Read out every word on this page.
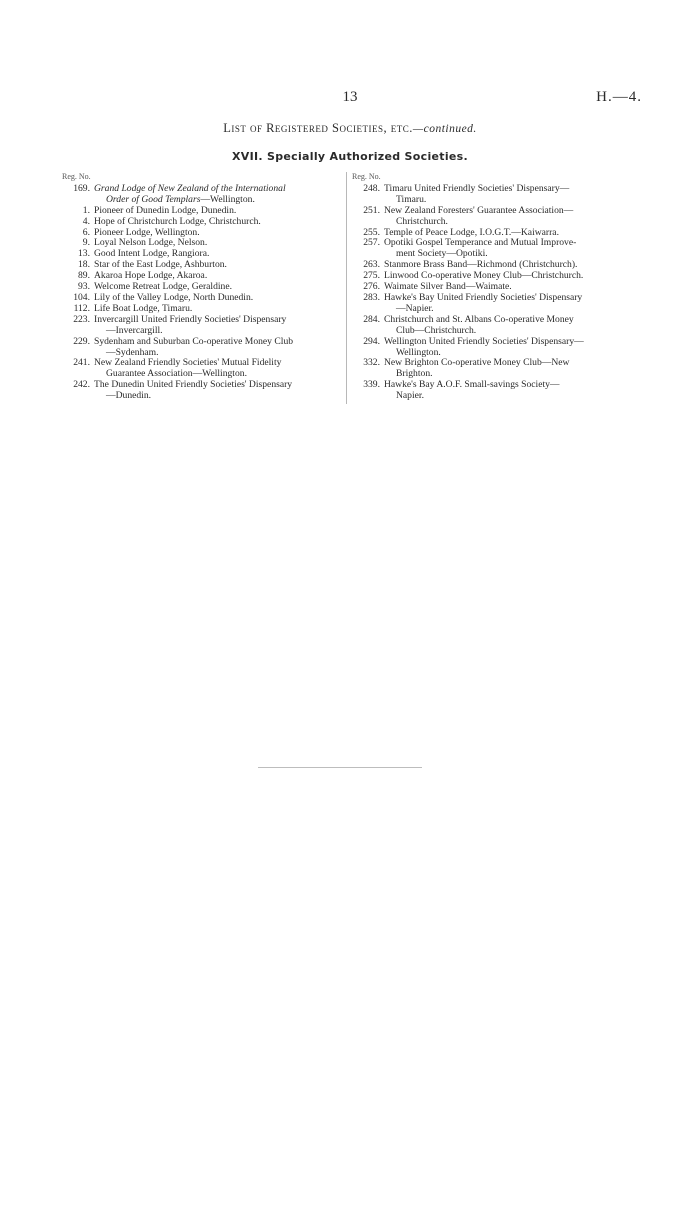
13	H.—4.
List of Registered Societies, etc.—continued.
XVII. Specially Authorized Societies.
Reg. No.
169. Grand Lodge of New Zealand of the International
Order of Good Templars—Wellington.
1. Pioneer of Dunedin Lodge, Dunedin.
4. Hope of Christchurch Lodge, Christchurch.
6. Pioneer Lodge, Wellington.
9. Loyal Nelson Lodge, Nelson.
13. Good Intent Lodge, Rangiora.
18. Star of the East Lodge, Ashburton.
89. Akaroa Hope Lodge, Akaroa.
93. Welcome Retreat Lodge, Geraldine.
104. Lily of the Valley Lodge, North Dunedin.
112. Life Boat Lodge, Timaru.
223. Invercargill United Friendly Societies' Dispensary
—Invercargill.
229. Sydenham and Suburban Co-operative Money Club
—Sydenham.
241. New Zealand Friendly Societies' Mutual Fidelity
Guarantee Association—Wellington.
242. The Dunedin United Friendly Societies' Dispensary
—Dunedin.
Reg. No.
248. Timaru United Friendly Societies' Dispensary—
Timaru.
251. New Zealand Foresters' Guarantee Association—
Christchurch.
255. Temple of Peace Lodge, I.O.G.T.—Kaiwarra.
257. Opotiki Gospel Temperance and Mutual Improve-
ment Society—Opotiki.
263. Stanmore Brass Band—Richmond (Christchurch).
275. Linwood Co-operative Money Club—Christchurch.
276. Waimate Silver Band—Waimate.
283. Hawke's Bay United Friendly Societies' Dispensary
—Napier.
284. Christchurch and St. Albans Co-operative Money
Club—Christchurch.
294. Wellington United Friendly Societies' Dispensary—
Wellington.
332. New Brighton Co-operative Money Club—New
Brighton.
339. Hawke's Bay A.O.F. Small-savings Society—
Napier.
